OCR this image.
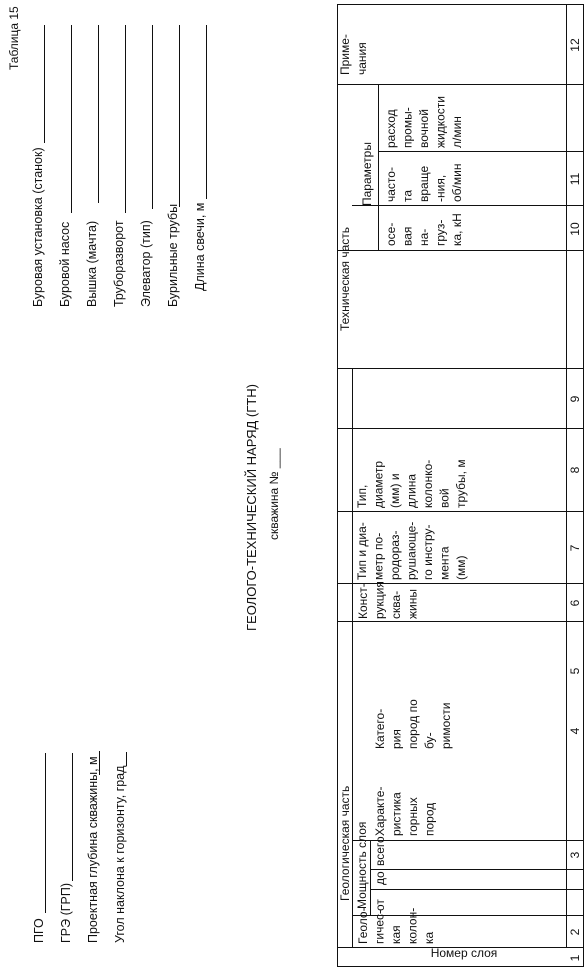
Таблица 15
ПГО ГРЭ (ГРП) Проектная глубина скважины, м Угол наклона к горизонту, град
Буровая установка (станок) Буровой насос Вышка (мачта) Труборазворот Элеватор (тип) Бурильные трубы Длина свечи, м
ГЕОЛОГО-ТЕХНИЧЕСКИЙ НАРЯД (ГТН) скважина № ___
Геологическая часть
Техническая часть
Номер слоя
Мощность слоя от
до
всего
Приме- чания
Параметры
Геоло- гичес- кая колон- ка
Характе- ристика горных пород
Катего- рия пород по бу- римости
Конст- рукция сква- жины
Тип и диа- метр по- родораз- рушающе- го инстру- мента (мм)
Тип, диаметр (мм) и длина колонко- вой трубы, м
осе- вая на- груз- ка, кН
часто- та враще -ния, об/мин
расход промы- вочной жидкости л/мин
1
2
3
4
5
6
7
8
9
10
11
12
